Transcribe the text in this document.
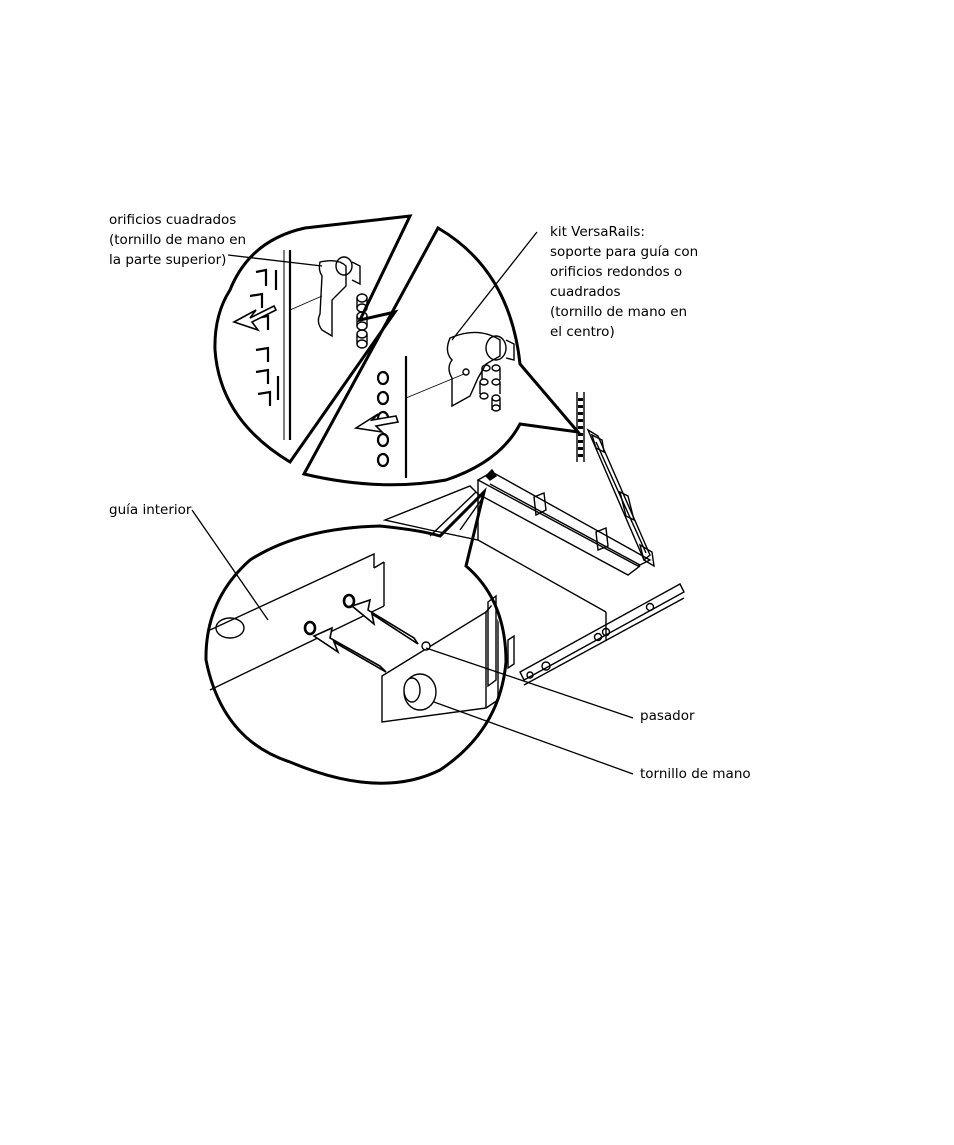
orificios cuadrados
(tornillo de mano en
la parte superior)
kit VersaRails:
soporte para guía con
orificios redondos o
cuadrados
(tornillo de mano en
el centro)
guía interior
pasador
tornillo de mano
